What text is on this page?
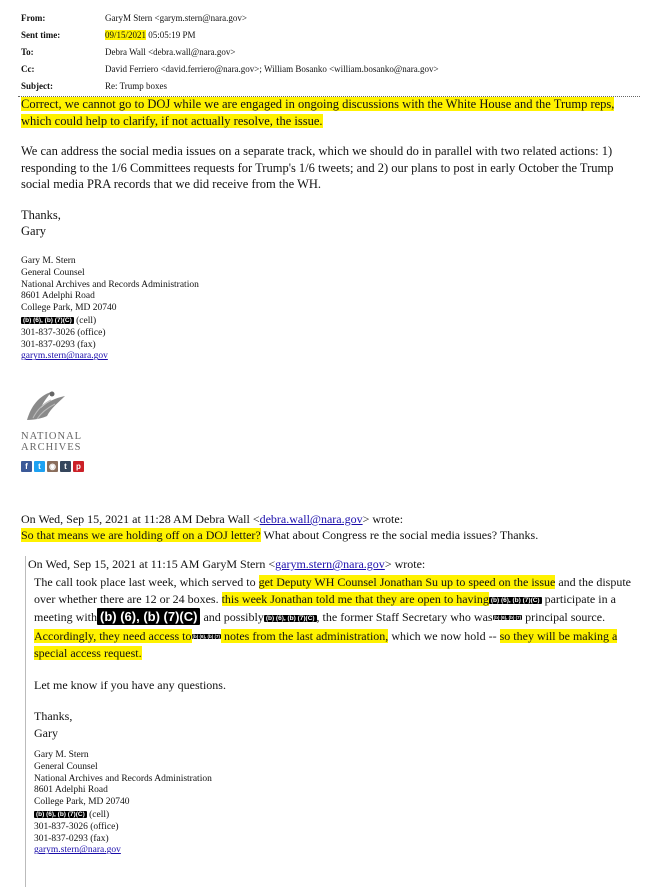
From:	GaryM Stern <garym.stern@nara.gov>
Sent time:	09/15/2021 05:05:19 PM
To:	Debra Wall <debra.wall@nara.gov>
Cc:	David Ferriero <david.ferriero@nara.gov>; William Bosanko <william.bosanko@nara.gov>
Subject:	Re: Trump boxes

Correct, we cannot go to DOJ while we are engaged in ongoing discussions with the White House and the Trump reps, which could help to clarify, if not actually resolve, the issue.

We can address the social media issues on a separate track, which we should do in parallel with two related actions: 1) responding to the 1/6 Committees requests for Trump's 1/6 tweets; and 2) our plans to post in early October the Trump social media PRA records that we did receive from the WH.

Thanks,

Gary

Gary M. Stern
General Counsel
National Archives and Records Administration
8601 Adelphi Road
College Park, MD 20740
(b) (6), (b) (7)(C) (cell)
301-837-3026 (office)
301-837-0293 (fax)
garym.stern@nara.gov
NATIONAL
ARCHIVES
f	t	◉	t	p
On Wed, Sep 15, 2021 at 11:28 AM Debra Wall <debra.wall@nara.gov> wrote:
So that means we are holding off on a DOJ letter? What about Congress re the social media issues? Thanks.
On Wed, Sep 15, 2021 at 11:15 AM GaryM Stern <garym.stern@nara.gov> wrote:

The call took place last week, which served to get Deputy WH Counsel Jonathan Su up to speed on the issue and the dispute over whether there are 12 or 24 boxes. this week Jonathan told me that they are open to having (b) (6), (b) (7)(C) participate in a meeting with (b) (6), (b) (7)(C) and possibly (b) (6), (b) (7)(C) , the former Staff Secretary who was(b) (6), (b) (7) principal source. Accordingly, they need access to(b) (6), (b) (7) notes from the last administration, which we now hold -- so they will be making a special access request.

Let me know if you have any questions.

Thanks,

Gary

Gary M. Stern
General Counsel
National Archives and Records Administration
8601 Adelphi Road
College Park, MD 20740
(b) (6), (b) (7)(C) (cell)
301-837-3026 (office)
301-837-0293 (fax)
garym.stern@nara.gov
